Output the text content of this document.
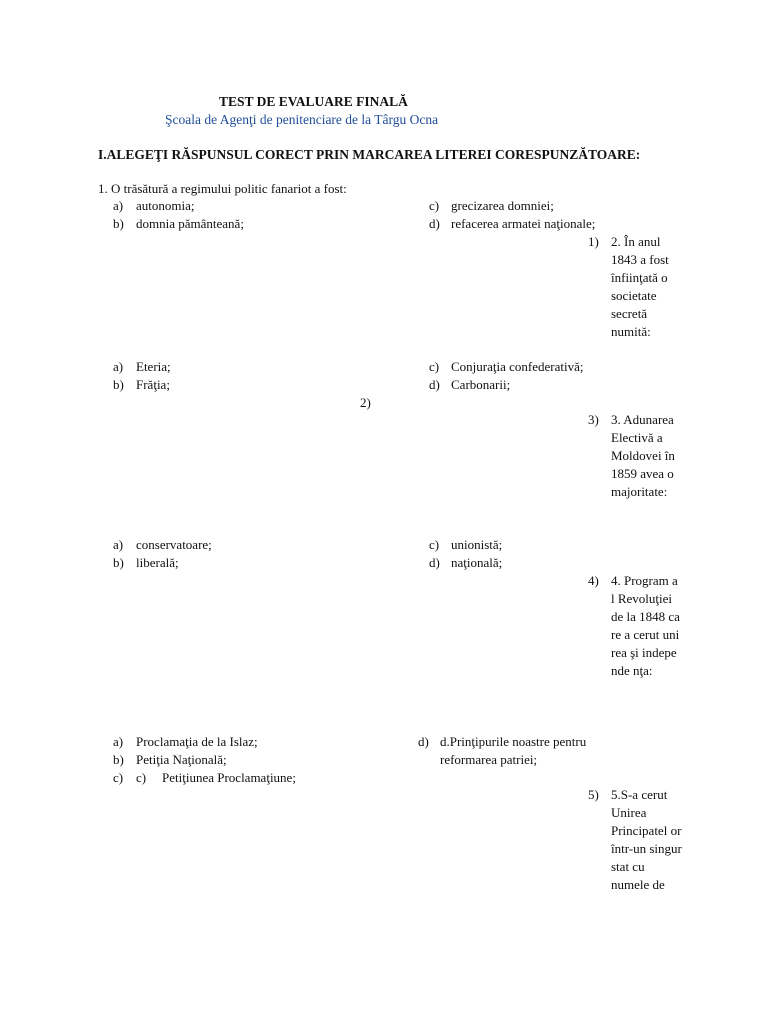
TEST DE EVALUARE FINALĂ
Şcoala de Agenţi de penitenciare de la Târgu Ocna
I.ALEGEŢI RĂSPUNSUL CORECT PRIN MARCAREA LITEREI CORESPUNZĂTOARE:
1. O trăsătură a regimului politic fanariot a fost:
a) autonomia;
b) domnia pământeană;
c) grecizarea domniei;
d) refacerea armatei naţionale;
1) 2. În anul 1843 a fost înfiinţată o societate secretă numită:
a) Eteria;
b) Frăţia;
c) Conjuraţia confederativă;
d) Carbonarii;
2)
3) 3. Adunarea Electivă a Moldovei în 1859 avea o majoritate:
a) conservatoare;
b) liberală;
c) unionistă;
d) naţională;
4) 4. Program al Revoluţiei de la 1848 care a cerut unirea şi independe nţa:
a) Proclamaţia de la Islaz;
b) Petiţia Naţională;
c) c) Petiţiunea Proclamaţiune;
d) d.Prinţipurile noastre pentru
reformarea patriei;
5) 5.S-a cerut Unirea Principatel or într-un singur stat cu numele de
